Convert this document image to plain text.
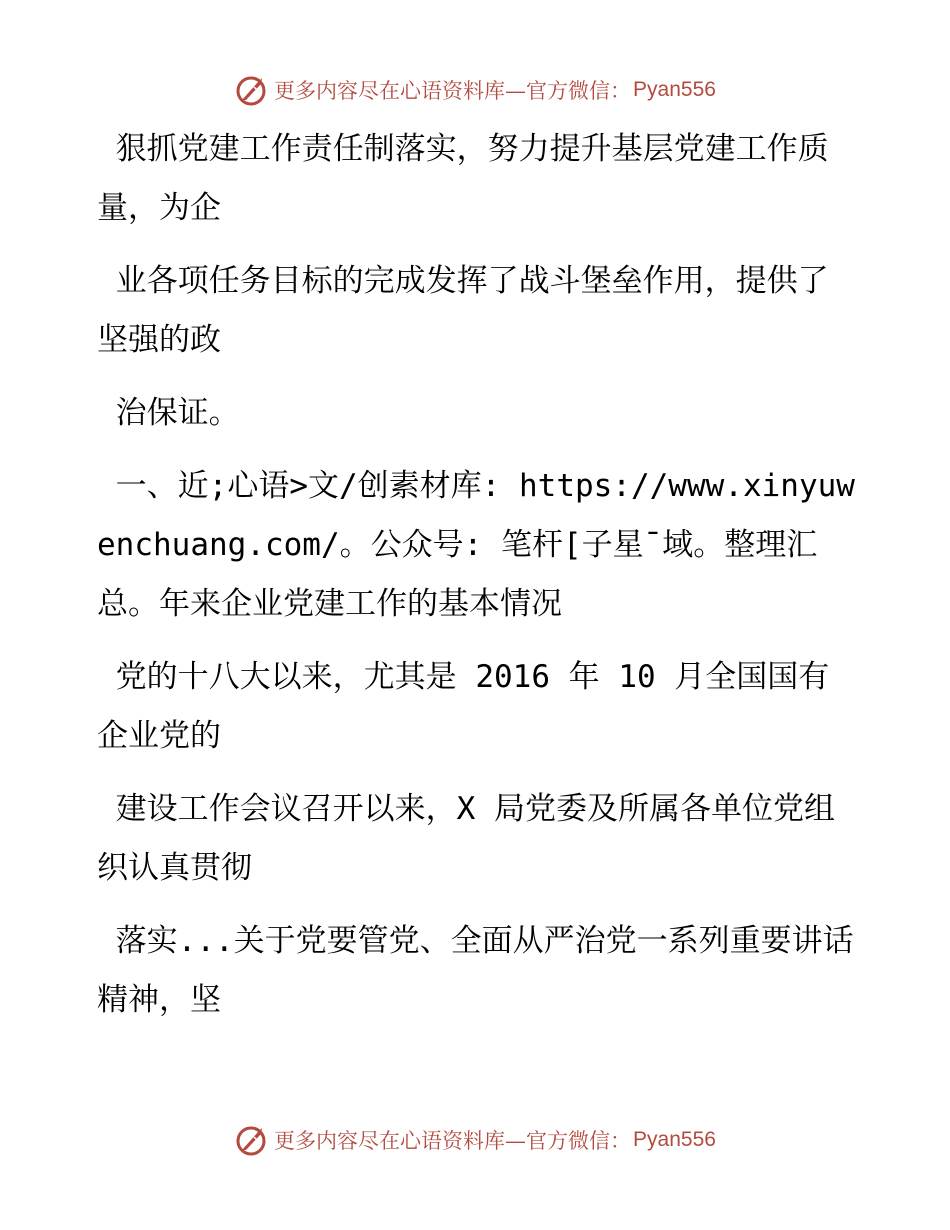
更多内容尽在心语资料库—官方微信： Pyan556

狠抓党建工作责任制落实，努力提升基层党建工作质量，为企

业各项任务目标的完成发挥了战斗堡垒作用，提供了坚强的政

治保证。

一、近;心语>文/创素材库: https://www.xinyuwenchuang.com/。公众号: 笔杆[子星¯域。整理汇总。年来企业党建工作的基本情况

党的十八大以来，尤其是 2016 年 10 月全国国有企业党的

建设工作会议召开以来，X 局党委及所属各单位党组织认真贯彻

落实...关于党要管党、全面从严治党一系列重要讲话精神，坚

更多内容尽在心语资料库—官方微信： Pyan556
